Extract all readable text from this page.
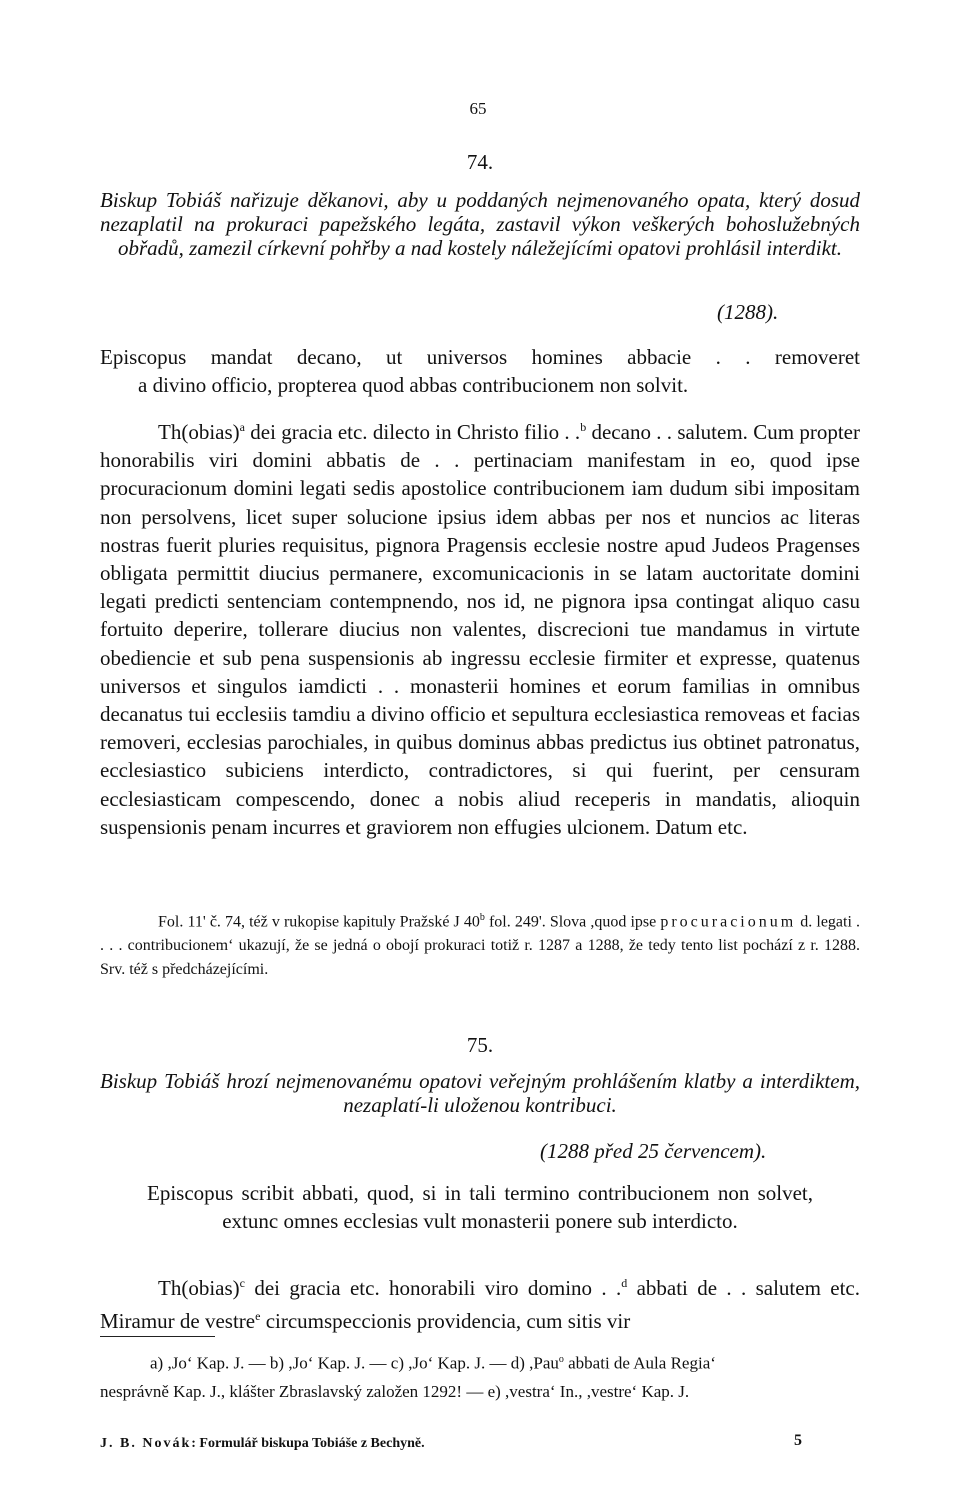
65
74.
Biskup Tobiáš nařizuje děkanovi, aby u poddaných nejmenovaného opata, který dosud nezaplatil na prokuraci papežského legáta, zastavil výkon veškerých bohoslužebných obřadů, zamezil církevní pohřby a nad kostely náležejícími opatovi prohlásil interdikt.
(1288).
Episcopus mandat decano, ut universos homines abbacie . . removeret
a divino officio, propterea quod abbas contribucionem non solvit.
Th(obias)$^a$ dei gracia etc. dilecto in Christo filio . .$^b$ decano . . salutem. Cum propter honorabilis viri domini abbatis de . . pertinaciam manifestam in eo, quod ipse procuracionum domini legati sedis apostolice contribucionem iam dudum sibi impositam non persolvens, licet super solucione ipsius idem abbas per nos et nuncios ac literas nostras fuerit pluries requisitus, pignora Pragensis ecclesie nostre apud Judeos Pragenses obligata permittit diucius permanere, excomunicacionis in se latam auctoritate domini legati predicti sentenciam contempnendo, nos id, ne pignora ipsa contingat aliquo casu fortuito deperire, tollerare diucius non valentes, discrecioni tue mandamus in virtute obediencie et sub pena suspensionis ab ingressu ecclesie firmiter et expresse, quatenus universos et singulos iamdicti . . monasterii homines et eorum familias in omnibus decanatus tui ecclesiis tamdiu a divino officio et sepultura ecclesiastica removeas et facias removeri, ecclesias parochiales, in quibus dominus abbas predictus ius obtinet patronatus, ecclesiastico subiciens interdicto, contradictores, si qui fuerint, per censuram ecclesiasticam compescendo, donec a nobis aliud receperis in mandatis, alioquin suspensionis penam incurres et graviorem non effugies ulcionem. Datum etc.
Fol. 11' č. 74, též v rukopise kapituly Pražské J 40$^b$ fol. 249'. Slova ,quod ipse procuracionum d. legati . . . . contribucionem‘ ukazují, že se jedná o obojí prokuraci totiž r. 1287 a 1288, že tedy tento list pochází z r. 1288. Srv. též s předcházejícími.
75.
Biskup Tobiáš hrozí nejmenovanému opatovi veřejným prohlášením klatby a interdiktem, nezaplatí-li uloženou kontribuci.
(1288 před 25 červencem).
Episcopus scribit abbati, quod, si in tali termino contribucionem non solvet, extunc omnes ecclesias vult monasterii ponere sub interdicto.
Th(obias)$^c$ dei gracia etc. honorabili viro domino . .$^d$ abbati de . . salutem etc. Miramur de vestre$^e$ circumspeccionis providencia, cum sitis vir
a) ,Jo‘ Kap. J. — b) ,Jo‘ Kap. J. — c) ,Jo‘ Kap. J. — d) ,Pau$^o$ abbati de Aula Regia‘
nesprávně Kap. J., klášter Zbraslavský založen 1292! — e) ,vestra‘ In., ,vestre‘ Kap. J.
J. B. Novák: Formulář biskupa Tobiáše z Bechyně.	5
